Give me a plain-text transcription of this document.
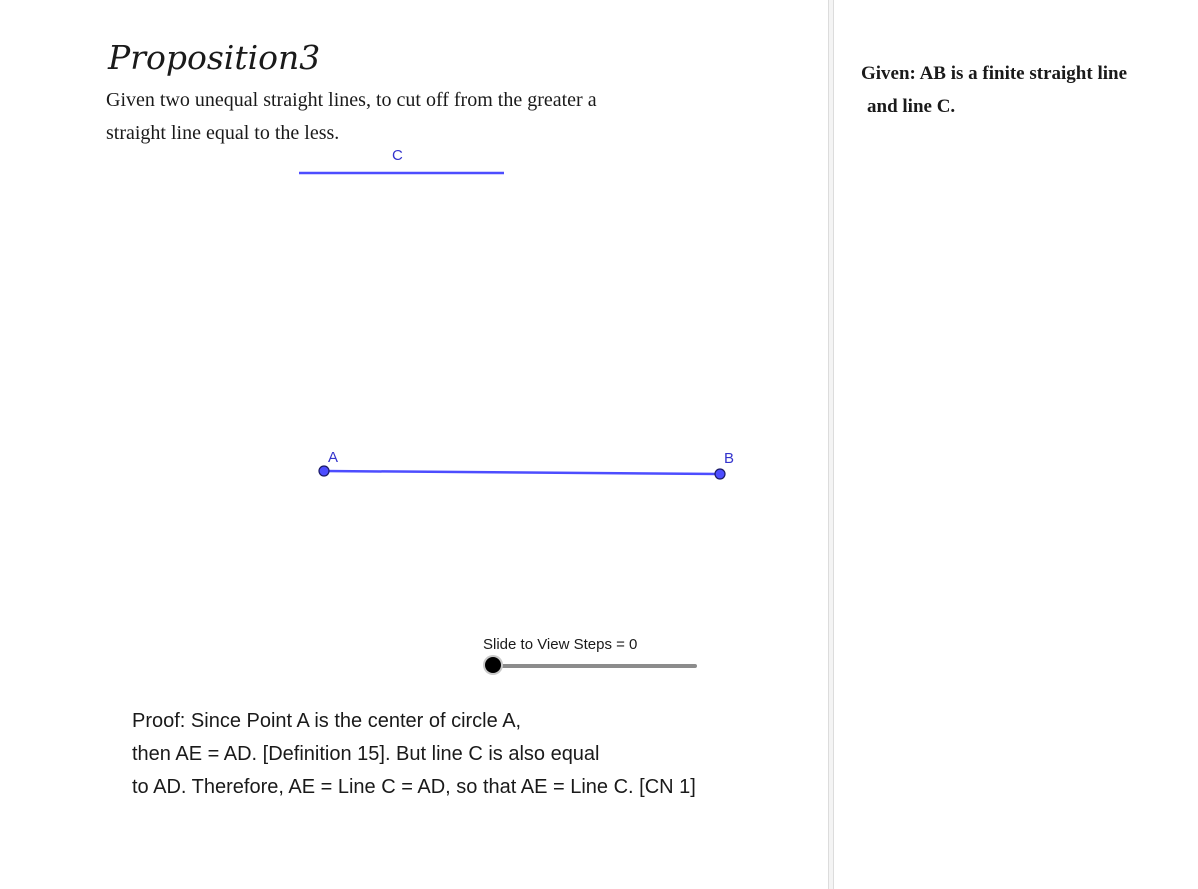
Proposition3
Given two unequal straight lines, to cut off from the greater a
straight line equal to the less.
C
A	B
Slide to View Steps = 0
Proof: Since Point A is the center of circle A,
then AE = AD. [Definition 15]. But line C is also equal
to AD. Therefore, AE = Line C = AD, so that AE = Line C. [CN 1]
Given: AB is a finite straight line
and line C.
